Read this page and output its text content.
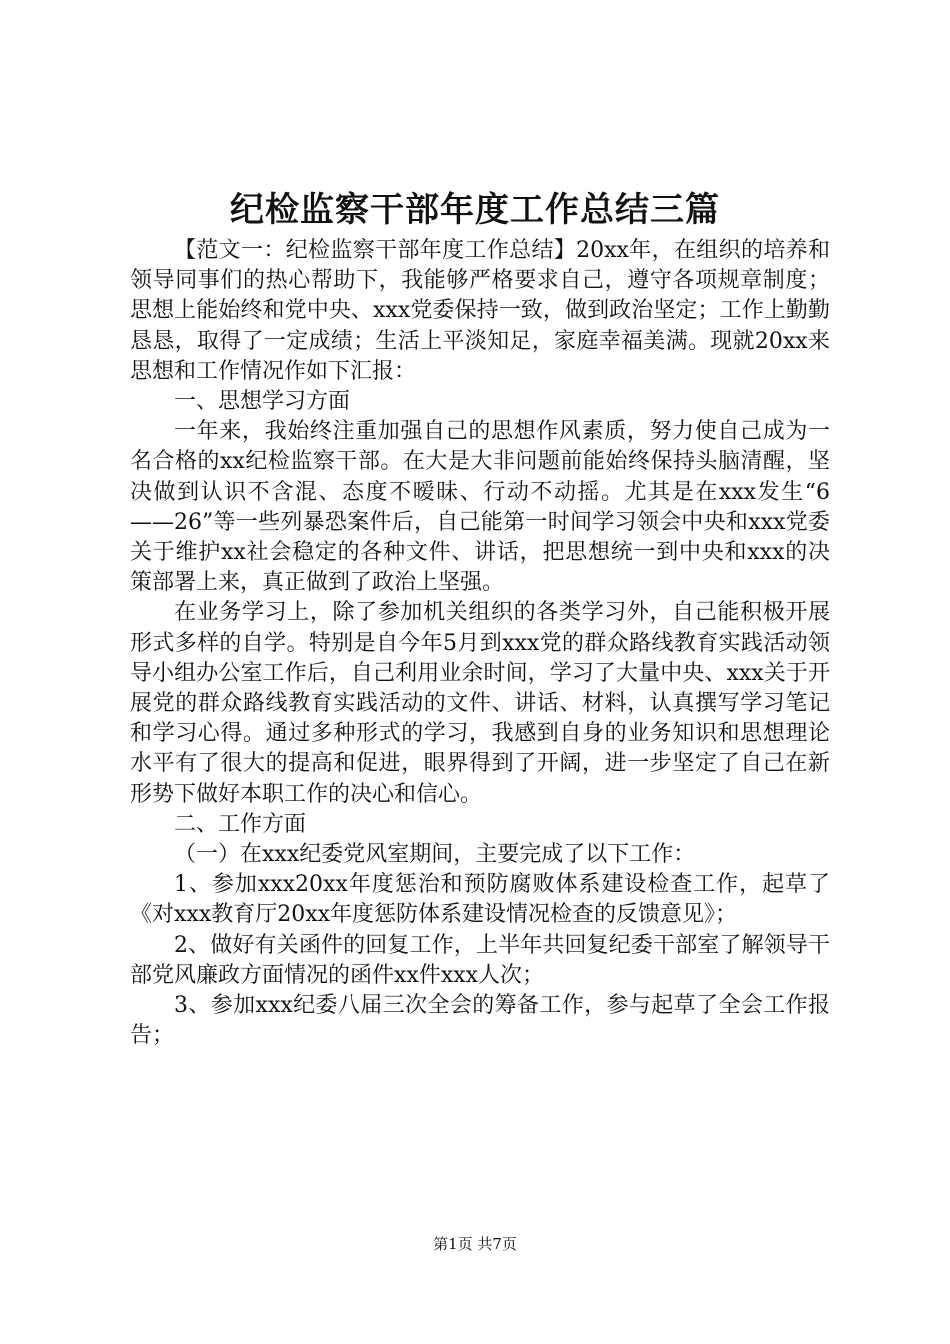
纪检监察干部年度工作总结三篇

【范文一：纪检监察干部年度工作总结】20xx年，在组织的培养和领导同事们的热心帮助下，我能够严格要求自己，遵守各项规章制度；思想上能始终和党中央、xxx党委保持一致，做到政治坚定；工作上勤勤恳恳，取得了一定成绩；生活上平淡知足，家庭幸福美满。现就20xx来思想和工作情况作如下汇报：

一、思想学习方面

一年来，我始终注重加强自己的思想作风素质，努力使自己成为一名合格的xx纪检监察干部。在大是大非问题前能始终保持头脑清醒，坚决做到认识不含混、态度不暧昧、行动不动摇。尤其是在xxx发生“6——26”等一些列暴恐案件后，自己能第一时间学习领会中央和xxx党委关于维护xx社会稳定的各种文件、讲话，把思想统一到中央和xxx的决策部署上来，真正做到了政治上坚强。

在业务学习上，除了参加机关组织的各类学习外，自己能积极开展形式多样的自学。特别是自今年5月到xxx党的群众路线教育实践活动领导小组办公室工作后，自己利用业余时间，学习了大量中央、xxx关于开展党的群众路线教育实践活动的文件、讲话、材料，认真撰写学习笔记和学习心得。通过多种形式的学习，我感到自身的业务知识和思想理论水平有了很大的提高和促进，眼界得到了开阔，进一步坚定了自己在新形势下做好本职工作的决心和信心。

二、工作方面

（一）在xxx纪委党风室期间，主要完成了以下工作：

1、参加xxx20xx年度惩治和预防腐败体系建设检查工作，起草了《对xxx教育厅20xx年度惩防体系建设情况检查的反馈意见》；

2、做好有关函件的回复工作，上半年共回复纪委干部室了解领导干部党风廉政方面情况的函件xx件xxx人次；

3、参加xxx纪委八届三次全会的筹备工作，参与起草了全会工作报告；

第1页 共7页
